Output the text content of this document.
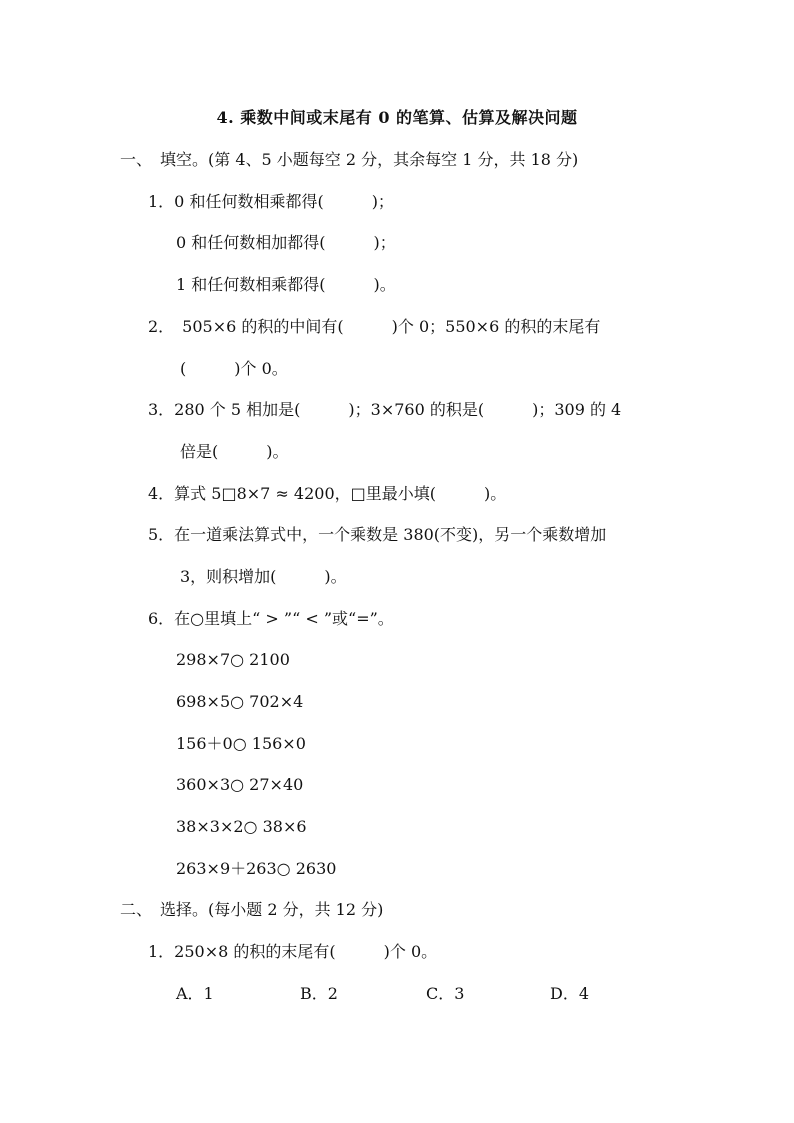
4. 乘数中间或末尾有 0 的笔算、估算及解决问题
一、　填空。(第 4、5 小题每空 2 分，其余每空 1 分，共 18 分)
1．0 和任何数相乘都得(　　　)；
0 和任何数相加都得(　　　)；
1 和任何数相乘都得(　　　)。
2．　505×6 的积的中间有(　　　)个 0；550×6 的积的末尾有
(　　　)个 0。
3．280 个 5 相加是(　　　)；3×760 的积是(　　　)；309 的 4
倍是(　　　)。
4．算式 5□8×7 ≈ 4200，□里最小填(　　　)。
5．在一道乘法算式中，一个乘数是 380(不变)，另一个乘数增加
3，则积增加(　　　)。
6．在○里填上“ > ”“ < ”或“=”。
298×7○ 2100
698×5○ 702×4
156＋0○ 156×0
360×3○ 27×40
38×3×2○ 38×6
263×9＋263○ 2630
二、　选择。(每小题 2 分，共 12 分)
1．250×8 的积的末尾有(　　　)个 0。
A．1	B．2	C．3	D．4
